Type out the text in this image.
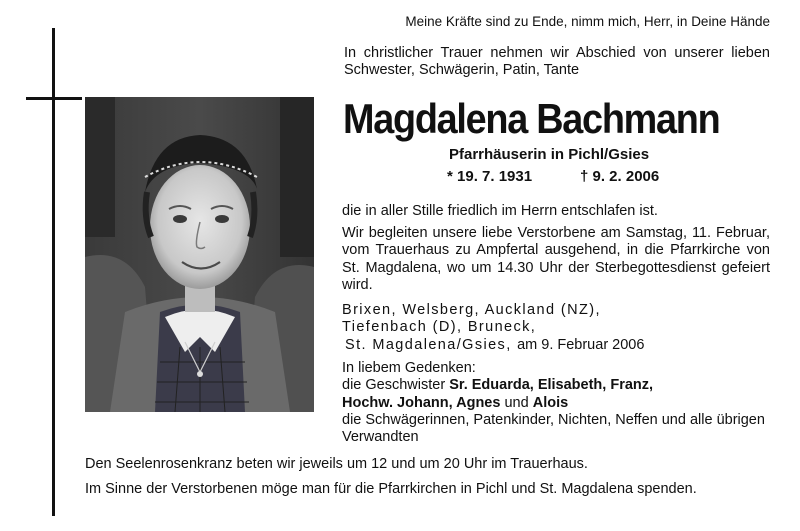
Meine Kräfte sind zu Ende, nimm mich, Herr, in Deine Hände
In christlicher Trauer nehmen wir Abschied von unserer lieben Schwester, Schwägerin, Patin, Tante
Magdalena Bachmann
Pfarrhäuserin in Pichl/Gsies
* 19. 7. 1931	† 9. 2. 2006
die in aller Stille friedlich im Herrn entschlafen ist.
Wir begleiten unsere liebe Verstorbene am Samstag, 11. Februar, vom Trauerhaus zu Ampfertal ausgehend, in die Pfarrkirche von St. Magdalena, wo um 14.30 Uhr der Sterbegottesdienst gefeiert wird.
Brixen, Welsberg, Auckland (NZ),
Tiefenbach (D), Bruneck,
St. Magdalena/Gsies, am 9. Februar 2006
In liebem Gedenken:
die Geschwister Sr. Eduarda, Elisabeth, Franz,
Hochw. Johann, Agnes und Alois
die Schwägerinnen, Patenkinder, Nichten, Neffen und alle übrigen Verwandten
Den Seelenrosenkranz beten wir jeweils um 12 und um 20 Uhr im Trauerhaus.
Im Sinne der Verstorbenen möge man für die Pfarrkirchen in Pichl und St. Magdalena spenden.
